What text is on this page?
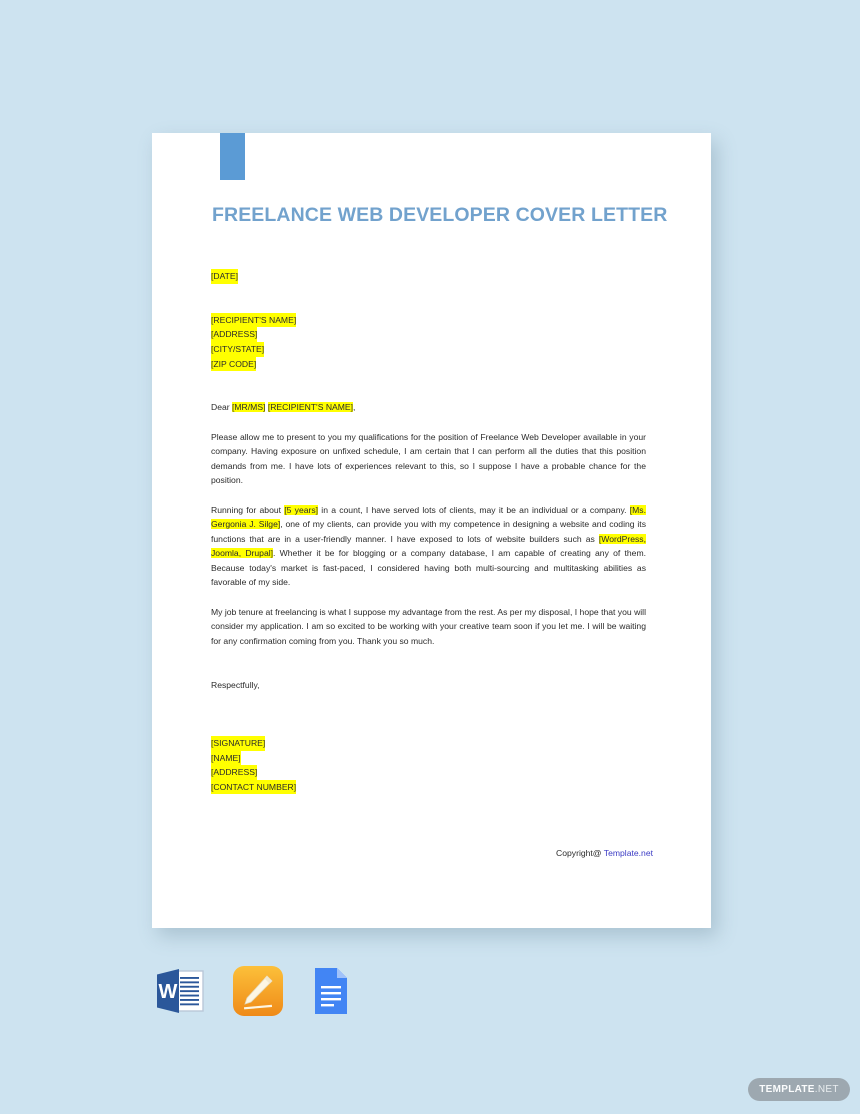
FREELANCE WEB DEVELOPER COVER LETTER
[DATE]
[RECIPIENT'S NAME]
[ADDRESS]
[CITY/STATE]
[ZIP CODE]
Dear [MR/MS] [RECIPIENT'S NAME],

Please allow me to present to you my qualifications for the position of Freelance Web Developer available in your company. Having exposure on unfixed schedule, I am certain that I can perform all the duties that this position demands from me. I have lots of experiences relevant to this, so I suppose I have a probable chance for the position.

Running for about [5 years] in a count, I have served lots of clients, may it be an individual or a company. [Ms. Gergonia J. Silge], one of my clients, can provide you with my competence in designing a website and coding its functions that are in a user-friendly manner. I have exposed to lots of website builders such as [WordPress, Joomla, Drupal]. Whether it be for blogging or a company database, I am capable of creating any of them. Because today's market is fast-paced, I considered having both multi-sourcing and multitasking abilities as favorable of my side.

My job tenure at freelancing is what I suppose my advantage from the rest. As per my disposal, I hope that you will consider my application. I am so excited to be working with your creative team soon if you let me. I will be waiting for any confirmation coming from you. Thank you so much.

Respectfully,
[SIGNATURE]
[NAME]
[ADDRESS]
[CONTACT NUMBER]
Copyright@ Template.net
W
TEMPLATE .NET
